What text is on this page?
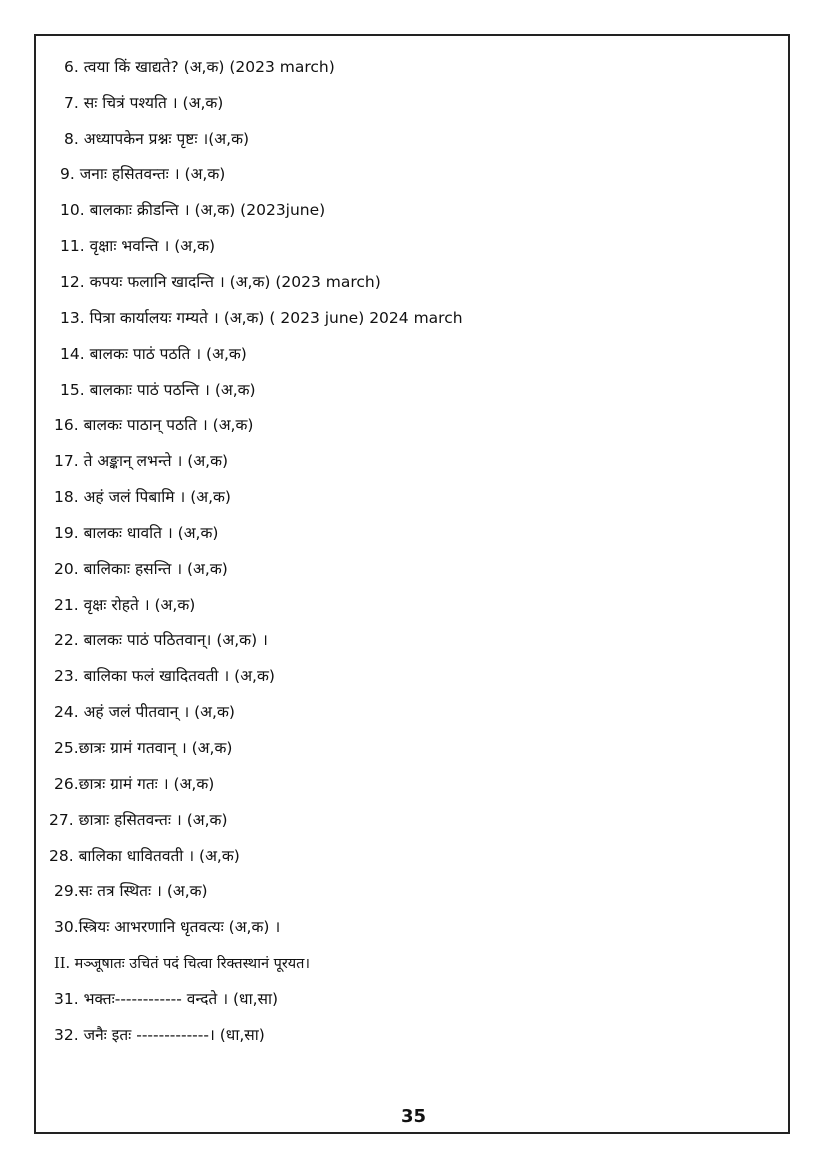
6. त्वया किं खाद्यते? (अ,क) (2023 march)
7. सः चित्रं पश्यति । (अ,क)
8. अध्यापकेन प्रश्नः पृष्टः ।(अ,क)
9. जनाः हसितवन्तः । (अ,क)
10. बालकाः क्रीडन्ति । (अ,क) (2023june)
11. वृक्षाः भवन्ति । (अ,क)
12. कपयः फलानि खादन्ति । (अ,क) (2023 march)
13. पित्रा कार्यालयः गम्यते । (अ,क) ( 2023 june) 2024 march
14. बालकः पाठं पठति । (अ,क)
15. बालकाः पाठं पठन्ति । (अ,क)
16. बालकः पाठान् पठति । (अ,क)
17. ते अङ्कान् लभन्ते । (अ,क)
18. अहं जलं पिबामि । (अ,क)
19. बालकः धावति । (अ,क)
20. बालिकाः हसन्ति । (अ,क)
21. वृक्षः रोहते । (अ,क)
22. बालकः पाठं पठितवान्। (अ,क) ।
23. बालिका फलं खादितवती । (अ,क)
24. अहं जलं पीतवान् । (अ,क)
25.छात्रः ग्रामं गतवान् । (अ,क)
26.छात्रः ग्रामं गतः । (अ,क)
27. छात्राः हसितवन्तः । (अ,क)
28. बालिका धावितवती । (अ,क)
29.सः तत्र स्थितः । (अ,क)
30.स्त्रियः आभरणानि धृतवत्यः (अ,क) ।
II. मञ्जूषातः उचितं पदं चित्वा रिक्तस्थानं पूरयत।
31. भक्तः------------ वन्दते । (धा,सा)
32. जनैः इतः -------------। (धा,सा)
35
